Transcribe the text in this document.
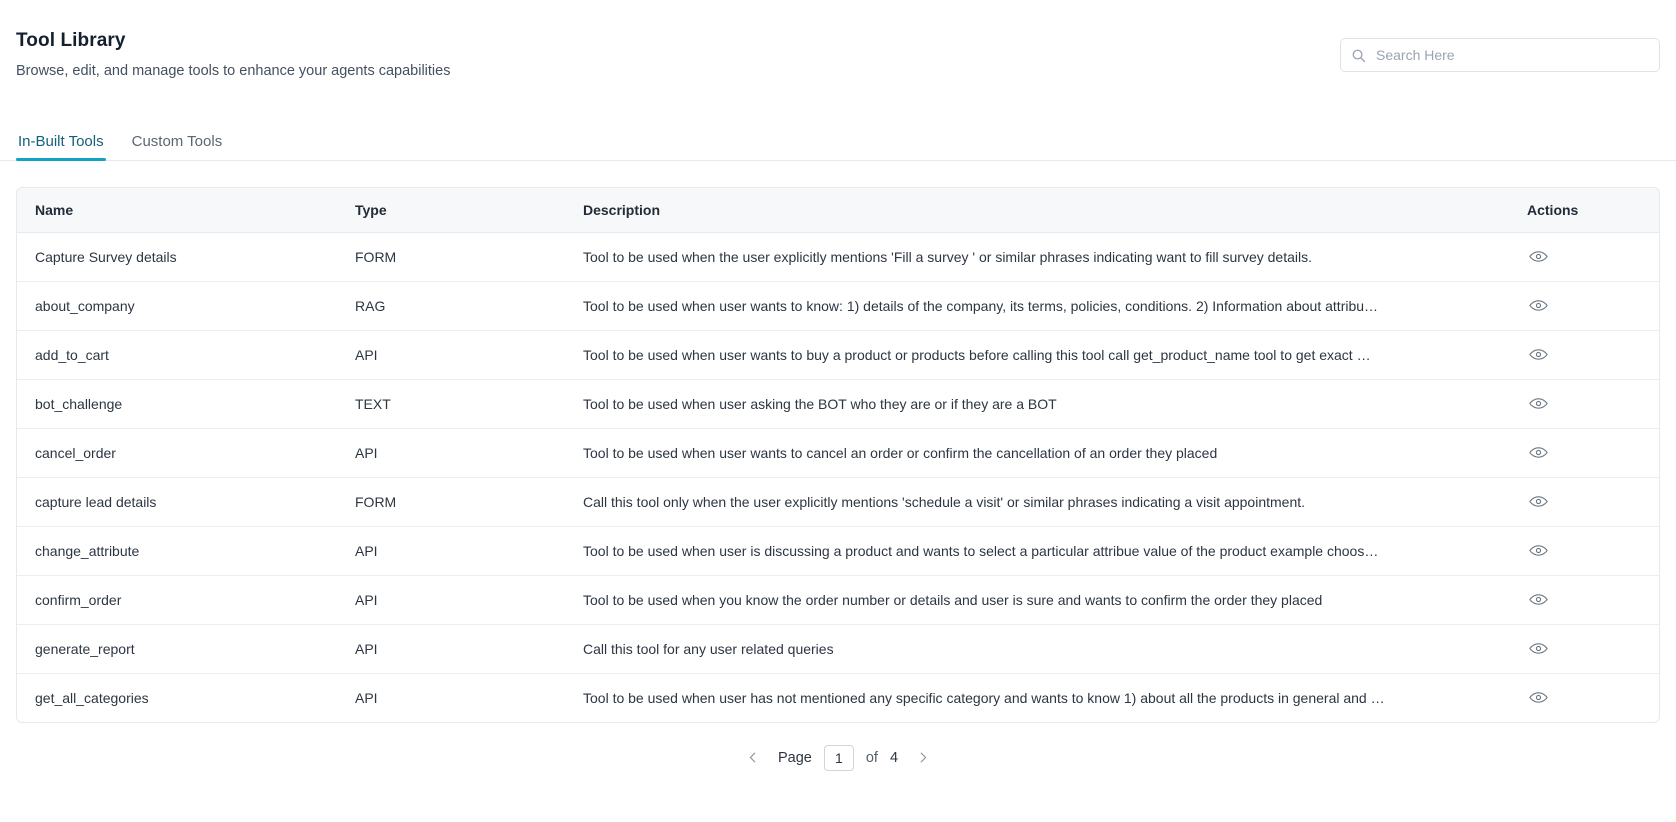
Tool Library
Browse, edit, and manage tools to enhance your agents capabilities
Search Here
In-Built Tools Custom Tools
Name	Type	Description	Actions
Capture Survey details	FORM	Tool to be used when the user explicitly mentions 'Fill a survey ' or similar phrases indicating want to fill survey details.	

about_company	RAG	Tool to be used when user wants to know: 1) details of the company, its terms, policies, conditions. 2) Information about attribu…	

add_to_cart	API	Tool to be used when user wants to buy a product or products before calling this tool call get_product_name tool to get exact …	

bot_challenge	TEXT	Tool to be used when user asking the BOT who they are or if they are a BOT	

cancel_order	API	Tool to be used when user wants to cancel an order or confirm the cancellation of an order they placed	

capture lead details	FORM	Call this tool only when the user explicitly mentions 'schedule a visit' or similar phrases indicating a visit appointment.	

change_attribute	API	Tool to be used when user is discussing a product and wants to select a particular attribue value of the product example choos…	

confirm_order	API	Tool to be used when you know the order number or details and user is sure and wants to confirm the order they placed	

generate_report	API	Call this tool for any user related queries	

get_all_categories	API	Tool to be used when user has not mentioned any specific category and wants to know 1) about all the products in general and …	
Page
1	of 4
